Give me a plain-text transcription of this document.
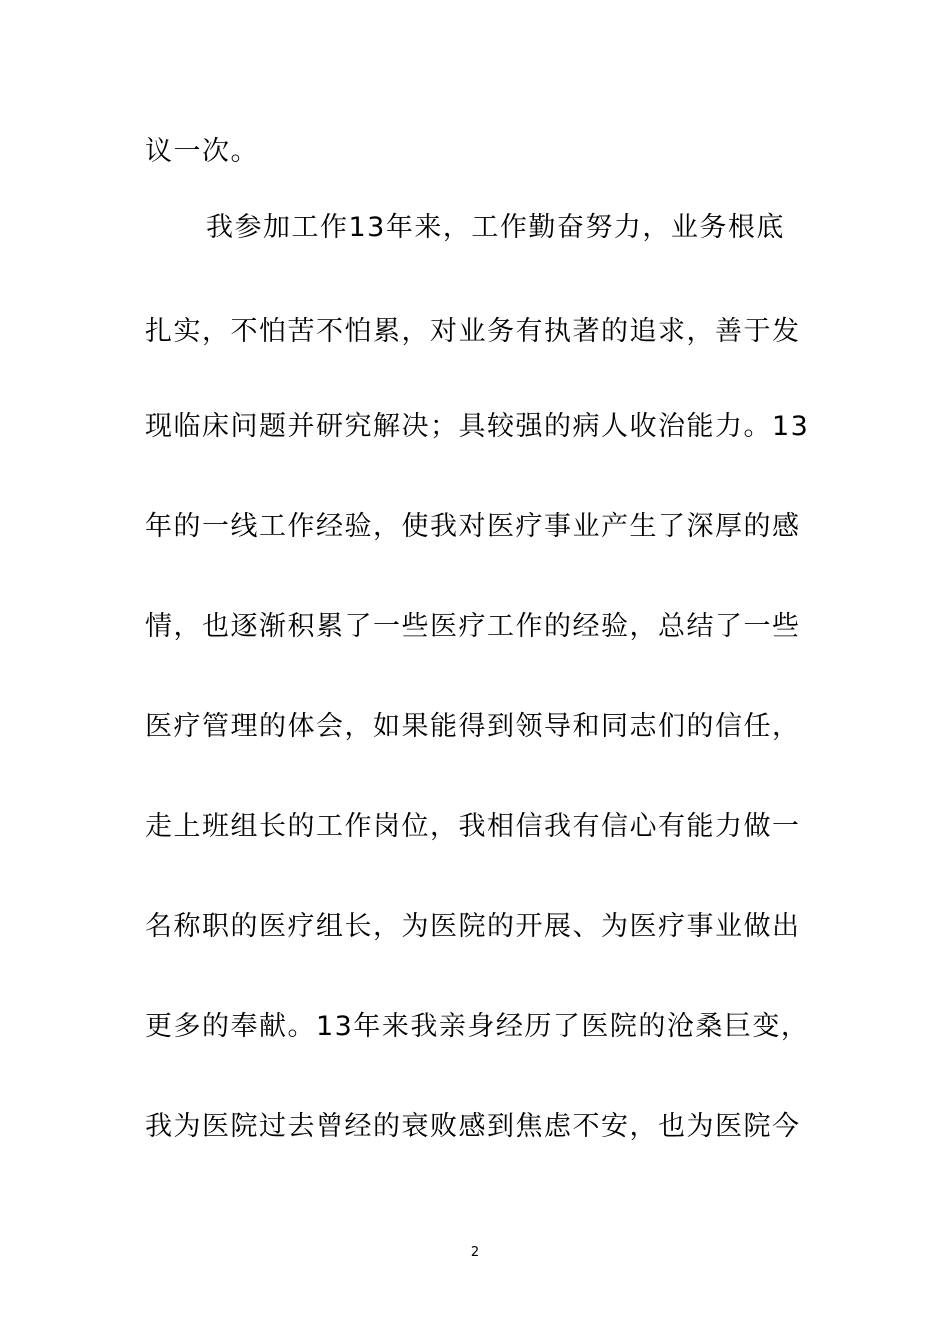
议一次。
我参加工作13年来，工作勤奋努力，业务根底
扎实，不怕苦不怕累，对业务有执著的追求，善于发
现临床问题并研究解决；具较强的病人收治能力。13
年的一线工作经验，使我对医疗事业产生了深厚的感
情，也逐渐积累了一些医疗工作的经验，总结了一些
医疗管理的体会，如果能得到领导和同志们的信任，
走上班组长的工作岗位，我相信我有信心有能力做一
名称职的医疗组长，为医院的开展、为医疗事业做出
更多的奉献。13年来我亲身经历了医院的沧桑巨变，
我为医院过去曾经的衰败感到焦虑不安，也为医院今
2
